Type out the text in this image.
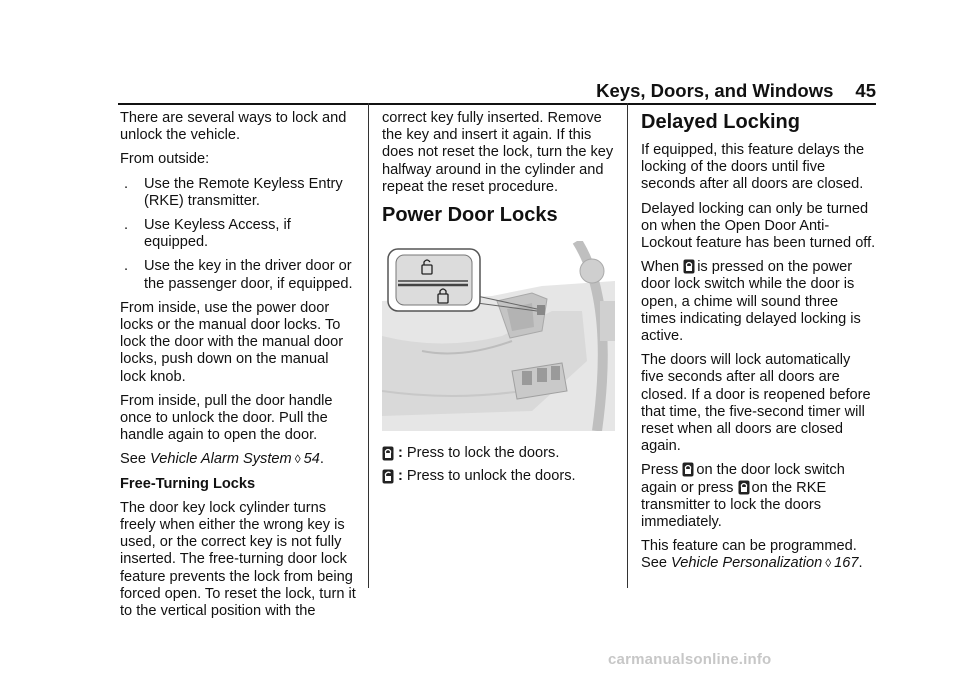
Keys, Doors, and Windows 45

There are several ways to lock and unlock the vehicle.

From outside:

.	Use the Remote Keyless Entry (RKE) transmitter.
.	Use Keyless Access, if equipped.
.	Use the key in the driver door or the passenger door, if equipped.

From inside, use the power door locks or the manual door locks. To lock the door with the manual door locks, push down on the manual lock knob.

From inside, pull the door handle once to unlock the door. Pull the handle again to open the door.

See Vehicle Alarm System ◊ 54.

Free-Turning Locks

The door key lock cylinder turns freely when either the wrong key is used, or the correct key is not fully inserted. The free-turning door lock feature prevents the lock from being forced open. To reset the lock, turn it to the vertical position with the

correct key fully inserted. Remove the key and insert it again. If this does not reset the lock, turn the key halfway around in the cylinder and repeat the reset procedure.

Power Door Locks
: Press to lock the doors.
: Press to unlock the doors.
Delayed Locking

If equipped, this feature delays the locking of the doors until five seconds after all doors are closed.

Delayed locking can only be turned on when the Open Door Anti-Lockout feature has been turned off.

When is pressed on the power door lock switch while the door is open, a chime will sound three times indicating delayed locking is active.

The doors will lock automatically five seconds after all doors are closed. If a door is reopened before that time, the five-second timer will reset when all doors are closed again.

Press on the door lock switch again or press on the RKE transmitter to lock the doors immediately.

This feature can be programmed.
See Vehicle Personalization ◊ 167.

carmanualsonline.info
